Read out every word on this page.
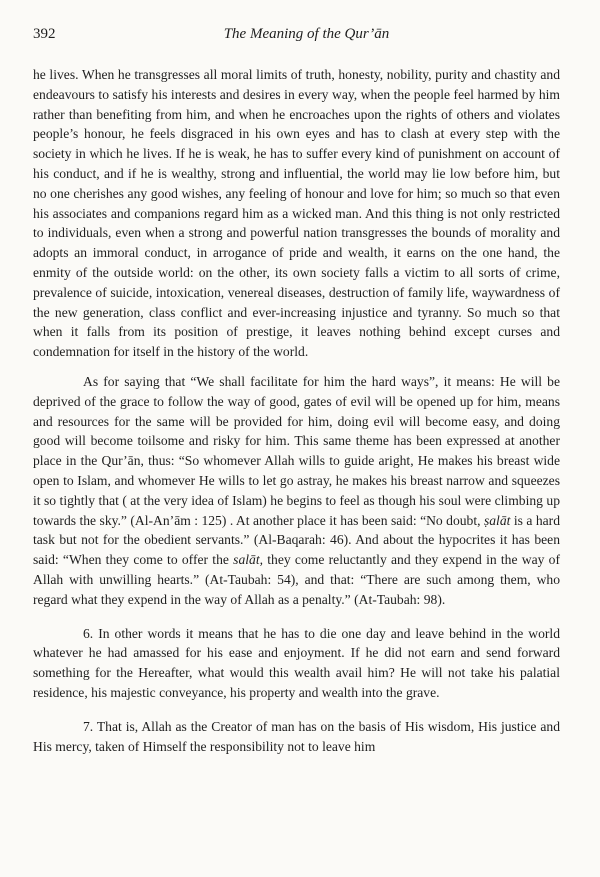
392	The Meaning of the Qur’ān

he lives. When he transgresses all moral limits of truth, honesty, nobility, purity and chastity and endeavours to satisfy his interests and desires in every way, when the people feel harmed by him rather than benefiting from him, and when he encroaches upon the rights of others and violates people’s honour, he feels disgraced in his own eyes and has to clash at every step with the society in which he lives. If he is weak, he has to suffer every kind of punishment on account of his conduct, and if he is wealthy, strong and influential, the world may lie low before him, but no one cherishes any good wishes, any feeling of honour and love for him; so much so that even his associates and companions regard him as a wicked man. And this thing is not only restricted to individuals, even when a strong and powerful nation transgresses the bounds of morality and adopts an immoral conduct, in arrogance of pride and wealth, it earns on the one hand, the enmity of the outside world: on the other, its own society falls a victim to all sorts of crime, prevalence of suicide, intoxication, venereal diseases, destruction of family life, waywardness of the new generation, class conflict and ever-increasing injustice and tyranny. So much so that when it falls from its position of prestige, it leaves nothing behind except curses and condemnation for itself in the history of the world.

As for saying that “We shall facilitate for him the hard ways”, it means: He will be deprived of the grace to follow the way of good, gates of evil will be opened up for him, means and resources for the same will be provided for him, doing evil will become easy, and doing good will become toilsome and risky for him. This same theme has been expressed at another place in the Qur’ān, thus: “So whomever Allah wills to guide aright, He makes his breast wide open to Islam, and whomever He wills to let go astray, he makes his breast narrow and squeezes it so tightly that ( at the very idea of Islam) he begins to feel as though his soul were climbing up towards the sky.” (Al-An’ām : 125) . At another place it has been said: “No doubt, ṣalāt is a hard task but not for the obedient servants.” (Al-Baqarah: 46). And about the hypocrites it has been said: “When they come to offer the salāt, they come reluctantly and they expend in the way of Allah with unwilling hearts.” (At-Taubah: 54), and that: “There are such among them, who regard what they expend in the way of Allah as a penalty.” (At-Taubah: 98).

6. In other words it means that he has to die one day and leave behind in the world whatever he had amassed for his ease and enjoyment. If he did not earn and send forward something for the Hereafter, what would this wealth avail him? He will not take his palatial residence, his majestic conveyance, his property and wealth into the grave.

7. That is, Allah as the Creator of man has on the basis of His wisdom, His justice and His mercy, taken of Himself the responsibility not to leave him
